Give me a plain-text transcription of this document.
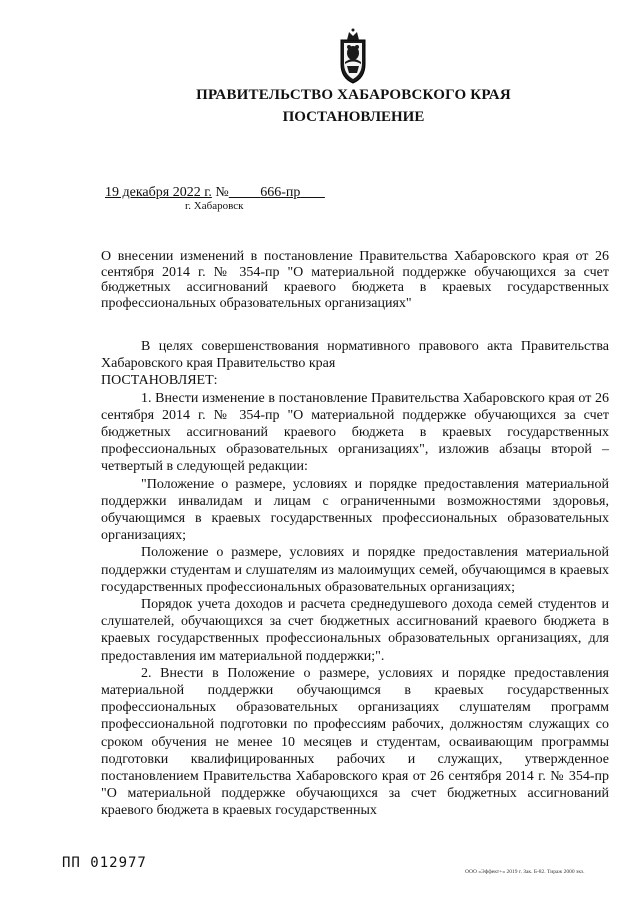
ПРАВИТЕЛЬСТВО ХАБАРОВСКОГО КРАЯ
ПОСТАНОВЛЕНИЕ
19 декабря 2022 г. № 666-пр
г. Хабаровск
О внесении изменений в постановление Правительства Хабаровского края от 26 сентября 2014 г. № 354-пр "О материальной поддержке обучающихся за счет бюджетных ассигнований краевого бюджета в краевых государственных профессиональных образовательных организациях"

В целях совершенствования нормативного правового акта Правительства Хабаровского края Правительство края

ПОСТАНОВЛЯЕТ:

1. Внести изменение в постановление Правительства Хабаровского края от 26 сентября 2014 г. № 354-пр "О материальной поддержке обучающихся за счет бюджетных ассигнований краевого бюджета в краевых государственных профессиональных образовательных организациях", изложив абзацы второй – четвертый в следующей редакции:

"Положение о размере, условиях и порядке предоставления материальной поддержки инвалидам и лицам с ограниченными возможностями здоровья, обучающимся в краевых государственных профессиональных образовательных организациях;

Положение о размере, условиях и порядке предоставления материальной поддержки студентам и слушателям из малоимущих семей, обучающимся в краевых государственных профессиональных образовательных организациях;

Порядок учета доходов и расчета среднедушевого дохода семей студентов и слушателей, обучающихся за счет бюджетных ассигнований краевого бюджета в краевых государственных профессиональных образовательных организациях, для предоставления им материальной поддержки;".

2. Внести в Положение о размере, условиях и порядке предоставления материальной поддержки обучающимся в краевых государственных профессиональных образовательных организациях слушателям программ профессиональной подготовки по профессиям рабочих, должностям служащих со сроком обучения не менее 10 месяцев и студентам, осваивающим программы подготовки квалифицированных рабочих и служащих, утвержденное постановлением Правительства Хабаровского края от 26 сентября 2014 г. № 354-пр "О материальной поддержке обучающихся за счет бюджетных ассигнований краевого бюджета в краевых государственных

ПП 012977
ООО «Эффект+» 2019 г. Зак. Б-82. Тираж 2000 экз.
